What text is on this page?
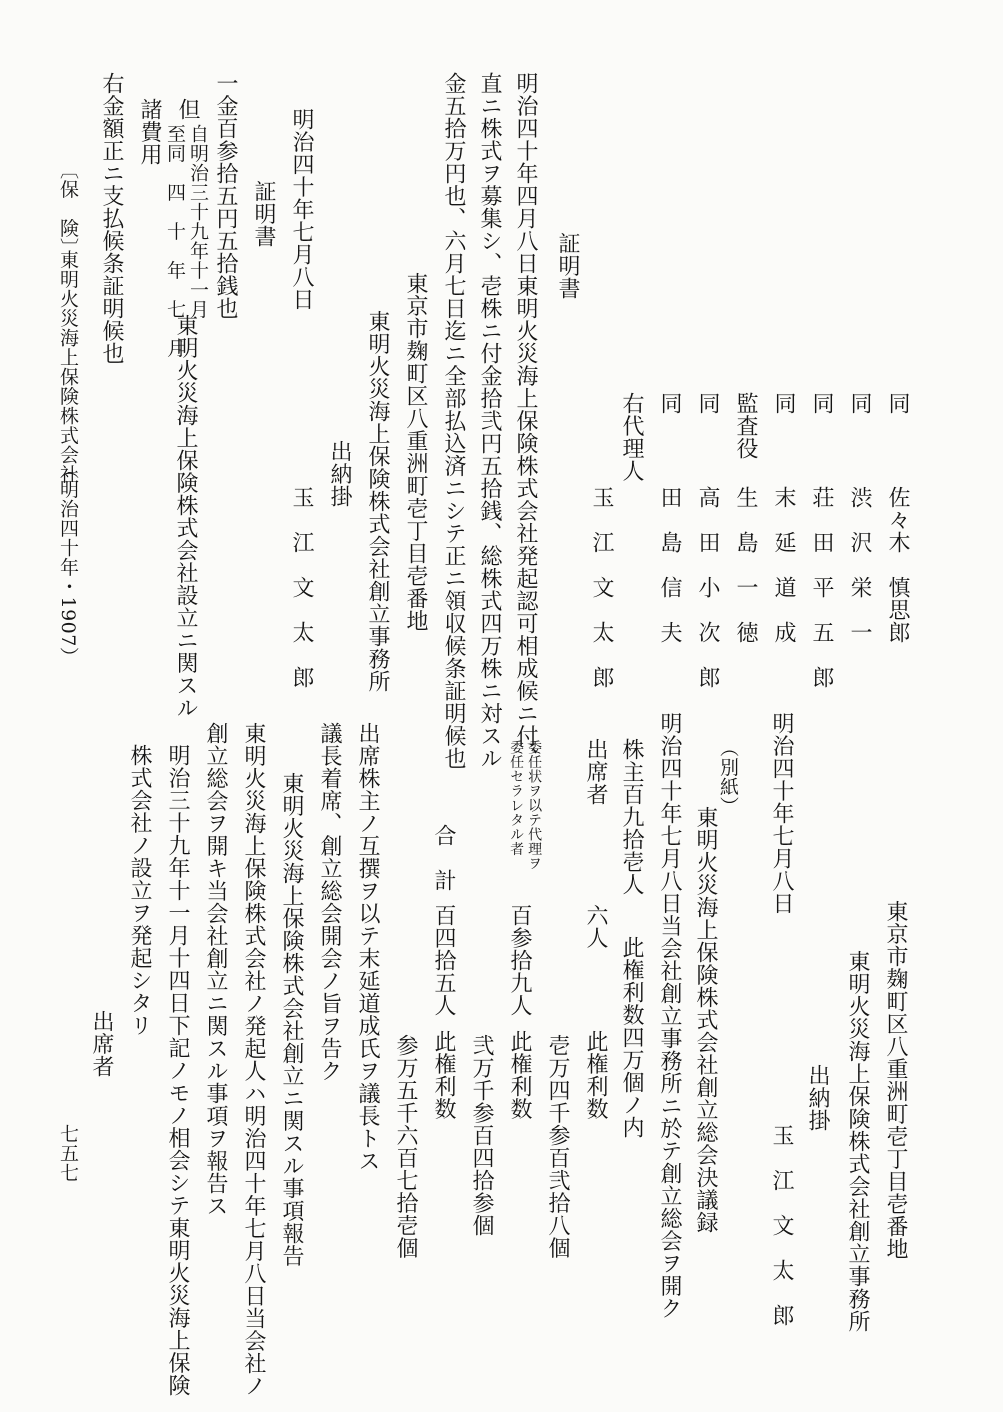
同
佐々木　慎思郎
同
渋　沢　栄　一
同
荘　田　平　五　郎
同
末　延　道　成
監査役
生　島　一　徳
同
高　田　小　次　郎
同
田　島　信　夫
右代理人
玉　江　文　太　郎
証明書
明治四十年四月八日東明火災海上保険株式会社発起認可相成候ニ付、
直ニ株式ヲ募集シ、壱株ニ付金拾弐円五拾銭、総株式四万株ニ対スル
金五拾万円也、六月七日迄ニ全部払込済ニシテ正ニ領収候条証明候也
東京市麹町区八重洲町壱丁目壱番地
東明火災海上保険株式会社創立事務所
出納掛
明治四十年七月八日
玉　江　文　太　郎
証明書
一金百参拾五円五拾銭也
但
自明治三十九年十一月
至同　四　十　年　七　月
東明火災海上保険株式会社設立ニ関スル
諸費用
右金額正ニ支払候条証明候也
〔保　険〕
東明火災海上保険株式会社
（明治四十年・1907）
東京市麹町区八重洲町壱丁目壱番地
東明火災海上保険株式会社創立事務所
出納掛
明治四十年七月八日
玉　江　文　太　郎
（別紙）
東明火災海上保険株式会社創立総会決議録
明治四十年七月八日当会社創立事務所ニ於テ創立総会ヲ開ク
株主百九拾壱人
此権利数四万個ノ内
出席者
六人
此権利数
壱万四千参百弐拾八個
委任状ヲ以テ代理ヲ
委任セラレタル者
百参拾九人
此権利数
弐万千参百四拾参個
合　計
百四拾五人
此権利数
参万五千六百七拾壱個
出席株主ノ互撰ヲ以テ末延道成氏ヲ議長トス
議長着席、創立総会開会ノ旨ヲ告ク
東明火災海上保険株式会社創立ニ関スル事項報告
東明火災海上保険株式会社ノ発起人ハ明治四十年七月八日当会社ノ
創立総会ヲ開キ当会社創立ニ関スル事項ヲ報告ス
明治三十九年十一月十四日下記ノモノ相会シテ東明火災海上保険
株式会社ノ設立ヲ発起シタリ
出席者
七五七
